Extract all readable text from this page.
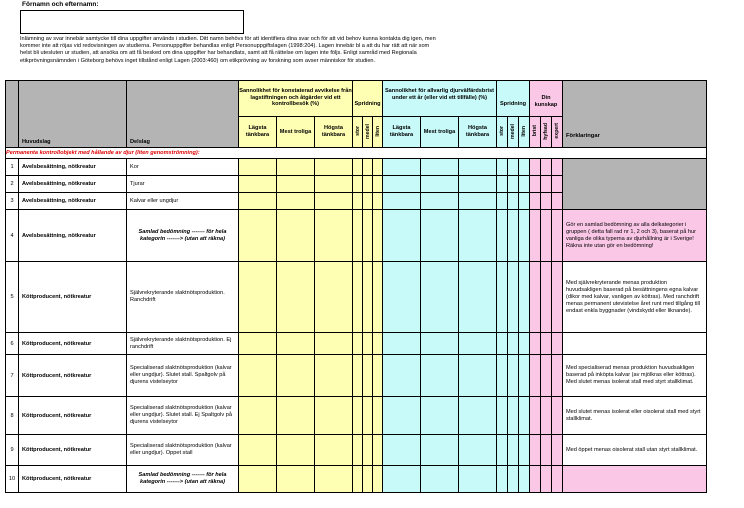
Förnamn och efternamn:
Inlämning av svar innebär samtycke till dina uppgifter används i studien. Ditt namn behövs för att identifiera dina svar och för att vid behov kunna kontakta dig igen, men kommer inte att röjas vid redovisningen av studierna. Personuppgifter behandlas enligt Personuppgiftslagen (1998:204). Lagen innebär bl a att du har rätt att när som helst bli utesluten ur studien, att ansöka om att få besked om dina uppgifter har behandlats, samt att få rättelse om lagen inte följs. Enligt samråd med Regionala etikprövningsnämnden i Göteborg behövs inget tillstånd enligt Lagen (2003:460) om etikprövning av forskning som avser människor för studien.
	Huvudslag	Delslag	Sannolikhet för konstaterad avvikelse från lagstiftningen och åtgärder vid ett kontrollbesök (%)			Spridning			Sannolikhet för allvarlig djurvälfärdsbrist under ett år (eller vid ett tillfälle) (%)			Spridning			Din kunskap			Förklaringar
			Lägsta tänkbara	Mest troliga	Högsta tänkbara	stor	medel	liten	Lägsta tänkbara	Mest troliga	Högsta tänkbara	stor	medel	liten	brist	hyfsad	expert	
Permanenta kontrollobjekt med hållande av djur (liten genomströmning):																		
1	Avelsbesättning, nötkreatur	Kor																
2	Avelsbesättning, nötkreatur	Tjurar																
3	Avelsbesättning, nötkreatur	Kalvar eller ungdjur																
4	Avelsbesättning, nötkreatur	Samlad bedömning ------- för hela kategorin -------> (utan att räkna)																Gör en samlad bedömning av alla delkategorier i gruppen ( detta fall rad nr 1, 2 och 3), baserat på hur vanliga de olika typerna av djurhållning är i Sverige! Räkna inte utan gör en bedömning!
5	Köttproducent, nötkreatur	Självrekryterande slaktnötsproduktion. Ranchdrift																Med självrekryterande menas produktion huvudsakligen baserad på besättningens egna kalvar (dikor med kalvar, vanligen av köttras). Med ranchdrift menas permanent utevistelse året runt med tillgång till endast enkla byggnader (vindskydd eller liknande).
6	Köttproducent, nötkreatur	Självrekryterande slaktnötsproduktion. Ej ranchdrift																
7	Köttproducent, nötkreatur	Specialiserad slaktnötsproduktion (kalvar eller ungdjur). Slutet stall. Spaltgolv på djurens vistelseytor																Med specialiserad menas produktion huvudsakligen baserad på inköpta kalvar (av mjölkras eller köttras). Med slutet menas isolerat stall med styrt stallklimat.
8	Köttproducent, nötkreatur	Specialiserad slaktnötsproduktion (kalvar eller ungdjur). Slutet stall. Ej Spaltgolv på djurens vistelseytor																Med slutet menas isolerat eller oisolerat stall med styrt stallklimat.
9	Köttproducent, nötkreatur	Specialiserad slaktnötsproduktion (kalvar eller ungdjur). Oppet stall																Med öppet menas oisolerat stall utan styrt stallklimat.
10	Köttproducent, nötkreatur	Samlad bedömning ------- för hela kategorin -------> (utan att räkna)																
